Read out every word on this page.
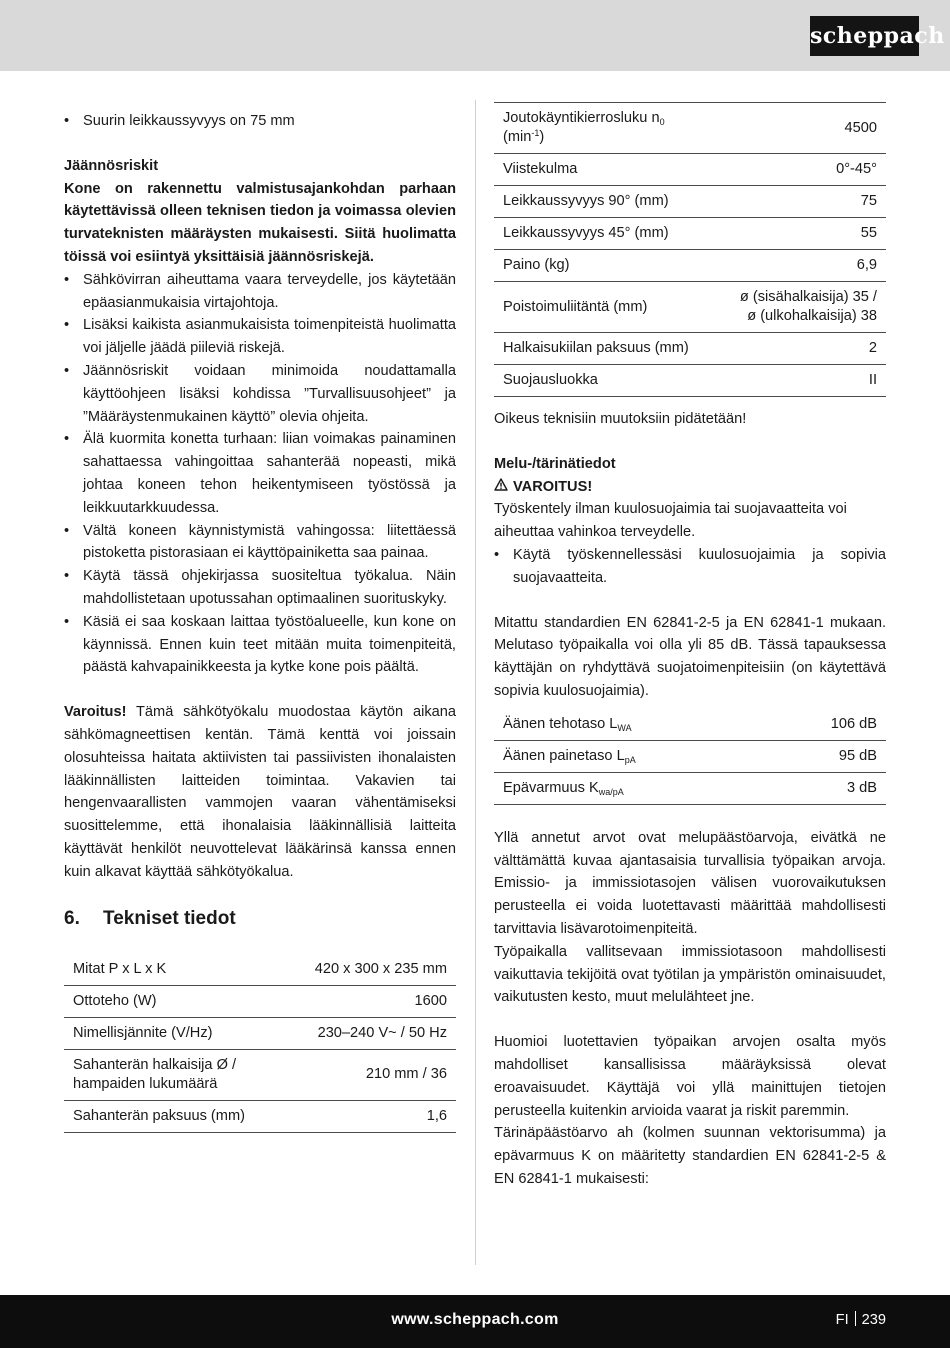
scheppach
• Suurin leikkaussyvyys on 75 mm

Jäännösriskit

Kone on rakennettu valmistusajankohdan parhaan käytettävissä olleen teknisen tiedon ja voimassa olevien turvateknisten määräysten mukaisesti. Siitä huolimatta töissä voi esiintyä yksittäisiä jäännösriskejä.

• Sähkövirran aiheuttama vaara terveydelle, jos käytetään epäasianmukaisia virtajohtoja.
• Lisäksi kaikista asianmukaisista toimenpiteistä huolimatta voi jäljelle jäädä piileviä riskejä.
• Jäännösriskit voidaan minimoida noudattamalla käyttöohjeen lisäksi kohdissa ”Turvallisuusohjeet” ja ”Määräystenmukainen käyttö” olevia ohjeita.
• Älä kuormita konetta turhaan: liian voimakas painaminen sahattaessa vahingoittaa sahanterää nopeasti, mikä johtaa koneen tehon heikentymiseen työstössä ja leikkuutarkkuudessa.
• Vältä koneen käynnistymistä vahingossa: liitettäessä pistoketta pistorasiaan ei käyttöpainiketta saa painaa.
• Käytä tässä ohjekirjassa suositeltua työkalua. Näin mahdollistetaan upotussahan optimaalinen suorituskyky.
• Käsiä ei saa koskaan laittaa työstöalueelle, kun kone on käynnissä. Ennen kuin teet mitään muita toimenpiteitä, päästä kahvapainikkeesta ja kytke kone pois päältä.

Varoitus! Tämä sähkötyökalu muodostaa käytön aikana sähkömagneettisen kentän. Tämä kenttä voi joissain olosuhteissa haitata aktiivisten tai passiivisten ihonalaisten lääkinnällisten laitteiden toimintaa. Vakavien tai hengenvaarallisten vammojen vaaran vähentämiseksi suosittelemme, että ihonalaisia lääkinnällisiä laitteita käyttävät henkilöt neuvottelevat lääkärinsä kanssa ennen kuin alkavat käyttää sähkötyökalua.

6. Tekniset tiedot
Mitat P x L x K	420 x 300 x 235 mm
Ottoteho (W)	1600
Nimellisjännite (V/Hz)	230–240 V~ / 50 Hz
Sahanterän halkaisija Ø / hampaiden lukumäärä	210 mm / 36
Sahanterän paksuus (mm)	1,6
Joutokäyntikierrosluku $n_0$
$(\min^{-1})$	4500
Viistekulma	0°-45°
Leikkaussyvyys 90° (mm)	75
Leikkaussyvyys 45° (mm)	55
Paino (kg)	6,9
Poistoimuliitäntä (mm)	ø (sisähalkaisija) 35 /
ø (ulkohalkaisija) 38
Halkaisukiilan paksuus (mm)	2
Suojausluokka	II

Oikeus teknisiin muutoksiin pidätetään!

Melu-/tärinätiedot

VAROITUS!

Työskentely ilman kuulosuojaimia tai suojavaatteita voi aiheuttaa vahinkoa terveydelle.

• Käytä työskennellessäsi kuulosuojaimia ja sopivia suojavaatteita.

Mitattu standardien EN 62841-2-5 ja EN 62841-1 mukaan. Melutaso työpaikalla voi olla yli 85 dB. Tässä tapauksessa käyttäjän on ryhdyttävä suojatoimenpiteisiin (on käytettävä sopivia kuulosuojaimia).

Äänen tehotaso $L_{WA}$	106 dB
Äänen painetaso $L_{pA}$	95 dB
Epävarmuus $K_{wa/pA}$	3 dB

Yllä annetut arvot ovat melupäästöarvoja, eivätkä ne välttämättä kuvaa ajantasaisia turvallisia työpaikan arvoja. Emissio- ja immissiotasojen välisen vuorovaikutuksen perusteella ei voida luotettavasti määrittää mahdollisesti tarvittavia lisävarotoimenpiteitä.

Työpaikalla vallitsevaan immissiotasoon mahdollisesti vaikuttavia tekijöitä ovat työtilan ja ympäristön ominaisuudet, vaikutusten kesto, muut melulähteet jne.

Huomioi luotettavien työpaikan arvojen osalta myös mahdolliset kansallisissa määräyksissä olevat eroavaisuudet. Käyttäjä voi yllä mainittujen tietojen perusteella kuitenkin arvioida vaarat ja riskit paremmin.

Tärinäpäästöarvo ah (kolmen suunnan vektorisumma) ja epävarmuus K on määritetty standardien EN 62841-2-5 & EN 62841-1 mukaisesti:

www.scheppach.com	FI 239
